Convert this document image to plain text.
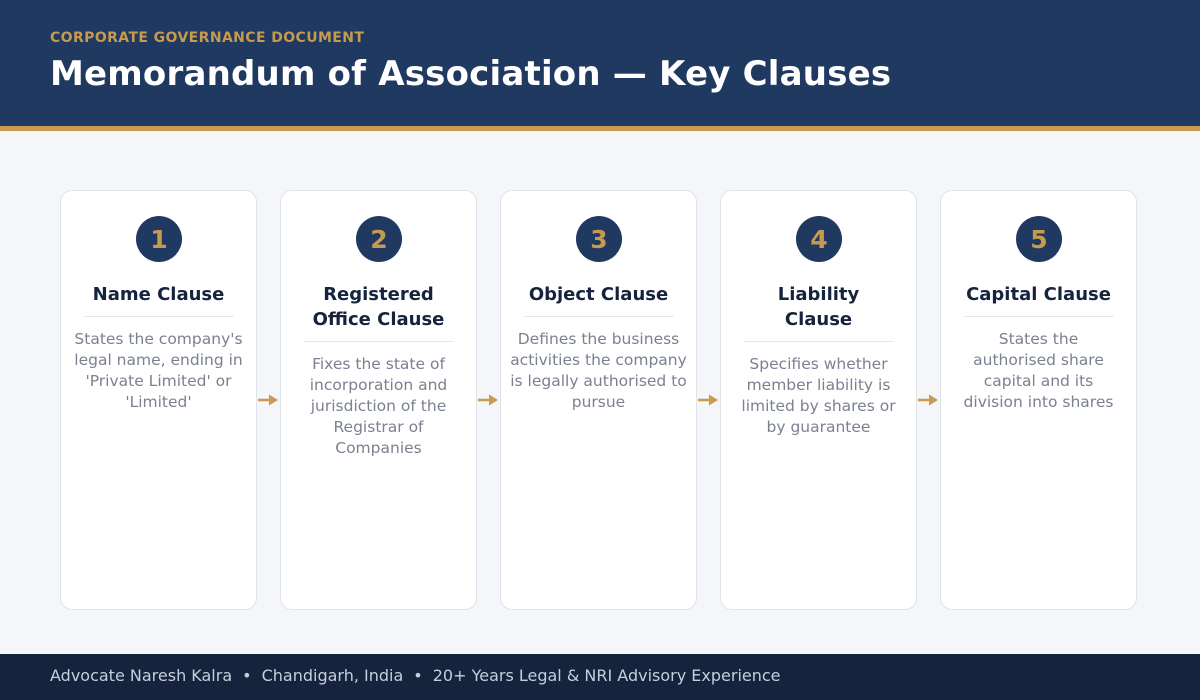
CORPORATE GOVERNANCE DOCUMENT
Memorandum of Association — Key Clauses
1
Name Clause
States the company's legal name, ending in 'Private Limited' or 'Limited'
2
Registered Office Clause
Fixes the state of incorporation and jurisdiction of the Registrar of Companies
3
Object Clause
Defines the business activities the company is legally authorised to pursue
4
Liability Clause
Specifies whether member liability is limited by shares or by guarantee
5
Capital Clause
States the authorised share capital and its division into shares
Advocate Naresh Kalra • Chandigarh, India • 20+ Years Legal & NRI Advisory Experience
